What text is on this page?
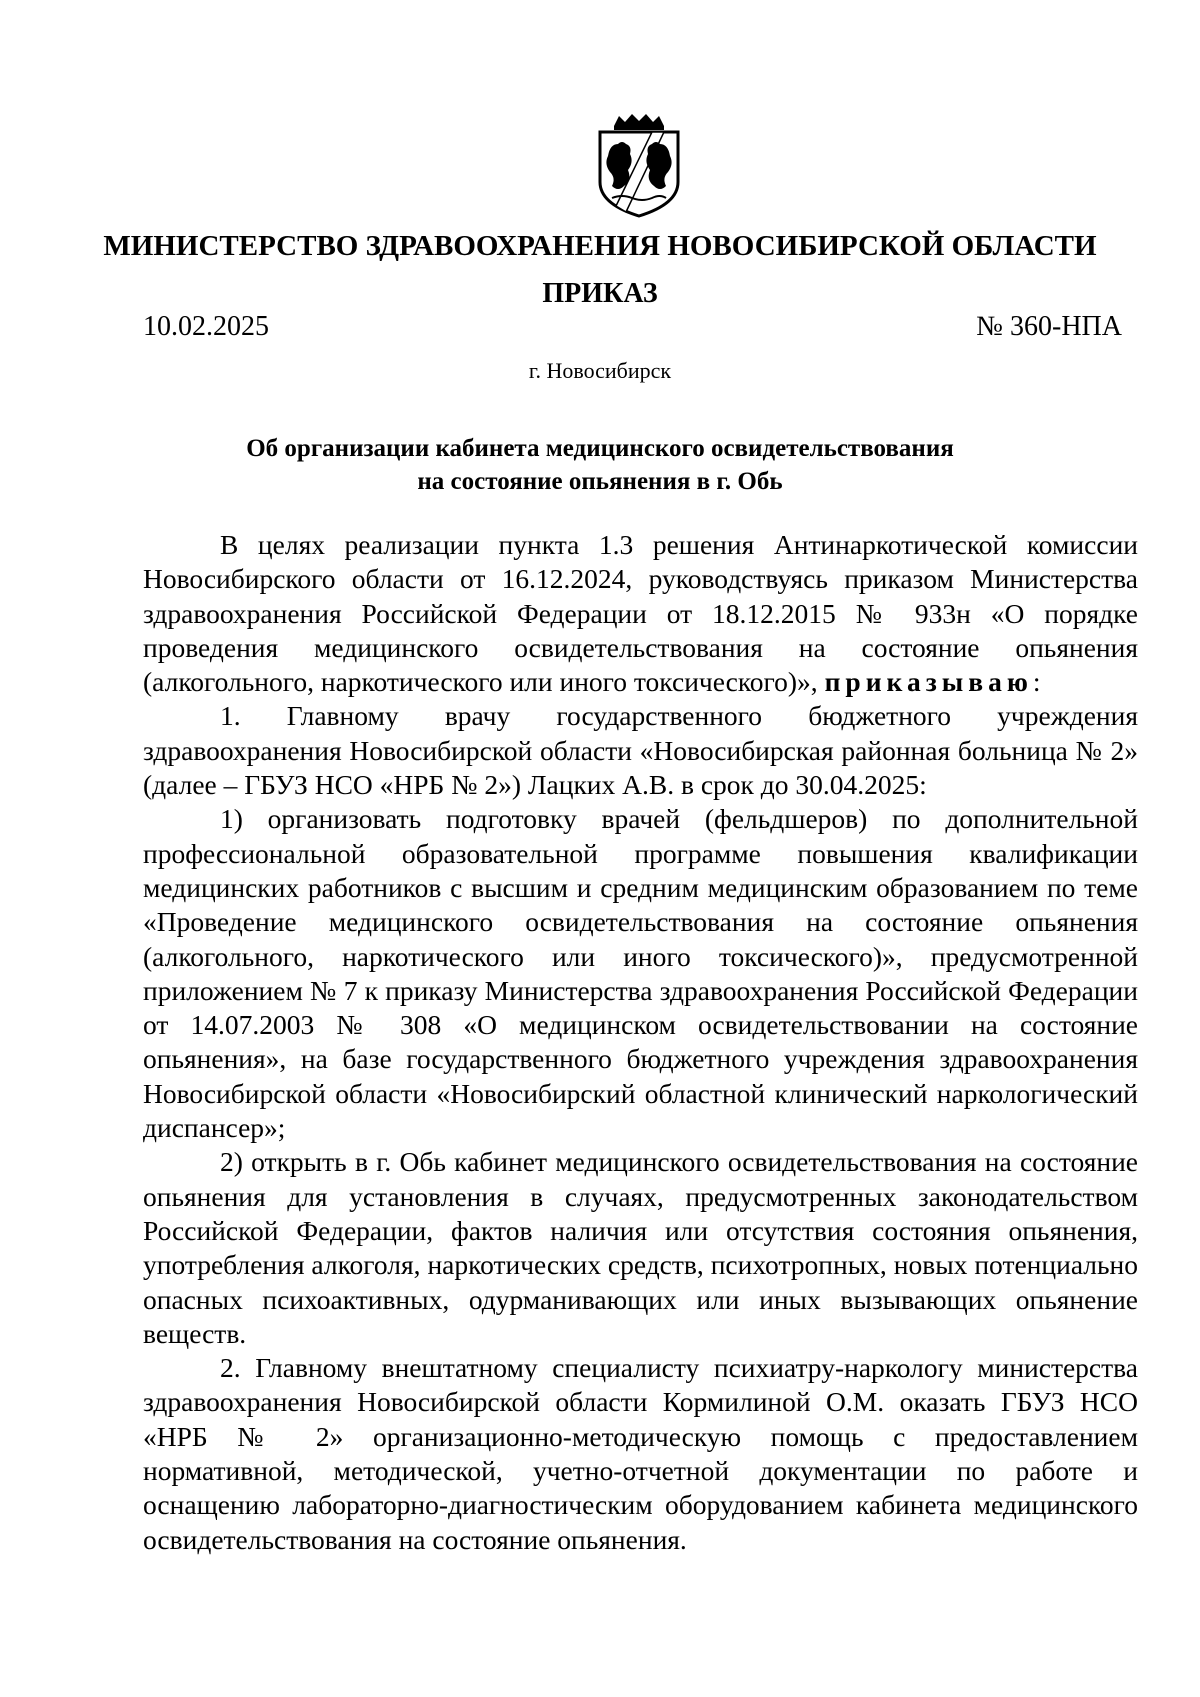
МИНИСТЕРСТВО ЗДРАВООХРАНЕНИЯ НОВОСИБИРСКОЙ ОБЛАСТИ
ПРИКАЗ
10.02.2025	№ 360-НПА
г. Новосибирск
Об организации кабинета медицинского освидетельствования
на состояние опьянения в г. Обь

В целях реализации пункта 1.3 решения Антинаркотической комиссии Новосибирского области от 16.12.2024, руководствуясь приказом Министерства здравоохранения Российской Федерации от 18.12.2015 № 933н «О порядке проведения медицинского освидетельствования на состояние опьянения (алкогольного, наркотического или иного токсического)», приказываю:

1. Главному врачу государственного бюджетного учреждения здравоохранения Новосибирской области «Новосибирская районная больница № 2» (далее – ГБУЗ НСО «НРБ № 2») Лацких А.В. в срок до 30.04.2025:

1) организовать подготовку врачей (фельдшеров) по дополнительной профессиональной образовательной программе повышения квалификации медицинских работников с высшим и средним медицинским образованием по теме «Проведение медицинского освидетельствования на состояние опьянения (алкогольного, наркотического или иного токсического)», предусмотренной приложением № 7 к приказу Министерства здравоохранения Российской Федерации от 14.07.2003 № 308 «О медицинском освидетельствовании на состояние опьянения», на базе государственного бюджетного учреждения здравоохранения Новосибирской области «Новосибирский областной клинический наркологический диспансер»;

2) открыть в г. Обь кабинет медицинского освидетельствования на состояние опьянения для установления в случаях, предусмотренных законодательством Российской Федерации, фактов наличия или отсутствия состояния опьянения, употребления алкоголя, наркотических средств, психотропных, новых потенциально опасных психоактивных, одурманивающих или иных вызывающих опьянение веществ.

2. Главному внештатному специалисту психиатру-наркологу министерства здравоохранения Новосибирской области Кормилиной О.М. оказать ГБУЗ НСО «НРБ № 2» организационно-методическую помощь с предоставлением нормативной, методической, учетно-отчетной документации по работе и оснащению лабораторно-диагностическим оборудованием кабинета медицинского освидетельствования на состояние опьянения.
